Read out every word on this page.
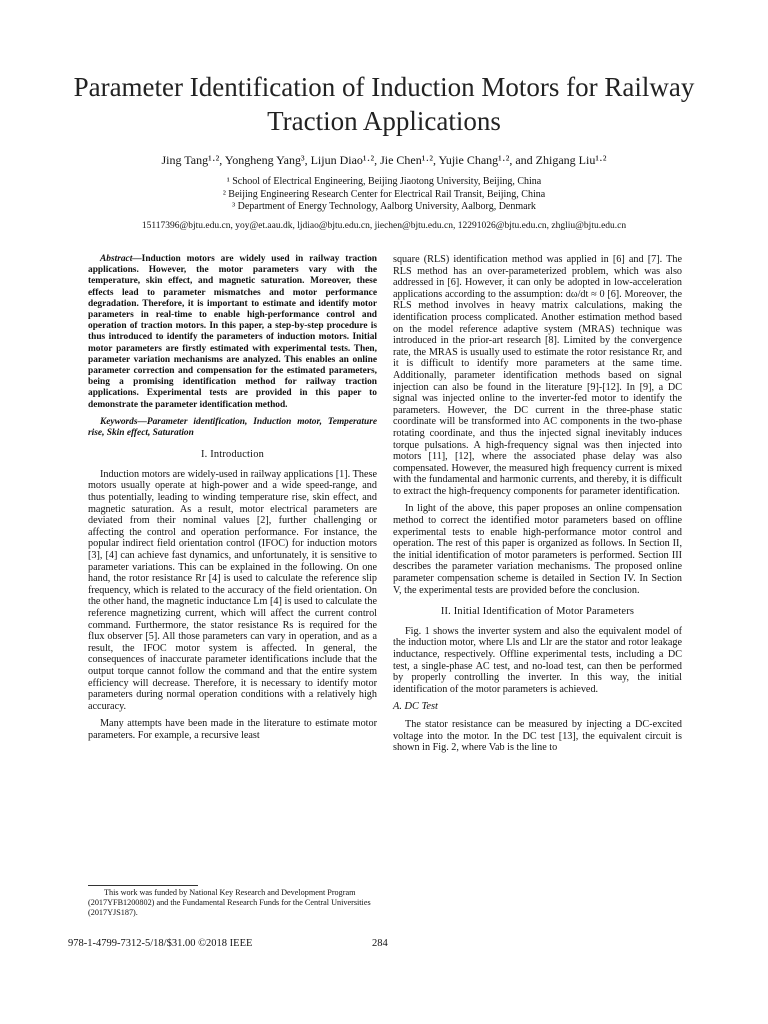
Parameter Identification of Induction Motors for Railway Traction Applications
Jing Tang¹·², Yongheng Yang³, Lijun Diao¹·², Jie Chen¹·², Yujie Chang¹·², and Zhigang Liu¹·²
¹ School of Electrical Engineering, Beijing Jiaotong University, Beijing, China
² Beijing Engineering Research Center for Electrical Rail Transit, Beijing, China
³ Department of Energy Technology, Aalborg University, Aalborg, Denmark
15117396@bjtu.edu.cn, yoy@et.aau.dk, ljdiao@bjtu.edu.cn, jiechen@bjtu.edu.cn, 12291026@bjtu.edu.cn, zhgliu@bjtu.edu.cn

Abstract—Induction motors are widely used in railway traction applications. However, the motor parameters vary with the temperature, skin effect, and magnetic saturation. Moreover, these effects lead to parameter mismatches and motor performance degradation. Therefore, it is important to estimate and identify motor parameters in real-time to enable high-performance control and operation of traction motors. In this paper, a step-by-step procedure is thus introduced to identify the parameters of induction motors. Initial motor parameters are firstly estimated with experimental tests. Then, parameter variation mechanisms are analyzed. This enables an online parameter correction and compensation for the estimated parameters, being a promising identification method for railway traction applications. Experimental tests are provided in this paper to demonstrate the parameter identification method.

Keywords—Parameter identification, Induction motor, Temperature rise, Skin effect, Saturation

I. Introduction

Induction motors are widely-used in railway applications [1]. These motors usually operate at high-power and a wide speed-range, and thus potentially, leading to winding temperature rise, skin effect, and magnetic saturation. As a result, motor electrical parameters are deviated from their nominal values [2], further challenging or affecting the control and operation performance. For instance, the popular indirect field orientation control (IFOC) for induction motors [3], [4] can achieve fast dynamics, and unfortunately, it is sensitive to parameter variations. This can be explained in the following. On one hand, the rotor resistance Rr [4] is used to calculate the reference slip frequency, which is related to the accuracy of the field orientation. On the other hand, the magnetic inductance Lm [4] is used to calculate the reference magnetizing current, which will affect the current control command. Furthermore, the stator resistance Rs is required for the flux observer [5]. All those parameters can vary in operation, and as a result, the IFOC motor system is affected. In general, the consequences of inaccurate parameter identifications include that the output torque cannot follow the command and that the entire system efficiency will decrease. Therefore, it is necessary to identify motor parameters during normal operation conditions with a relatively high accuracy.

Many attempts have been made in the literature to estimate motor parameters. For example, a recursive least

square (RLS) identification method was applied in [6] and [7]. The RLS method has an over-parameterized problem, which was also addressed in [6]. However, it can only be adopted in low-acceleration applications according to the assumption: dω/dt ≈ 0 [6]. Moreover, the RLS method involves in heavy matrix calculations, making the identification process complicated. Another estimation method based on the model reference adaptive system (MRAS) technique was introduced in the prior-art research [8]. Limited by the convergence rate, the MRAS is usually used to estimate the rotor resistance Rr, and it is difficult to identify more parameters at the same time. Additionally, parameter identification methods based on signal injection can also be found in the literature [9]-[12]. In [9], a DC signal was injected online to the inverter-fed motor to identify the parameters. However, the DC current in the three-phase static coordinate will be transformed into AC components in the two-phase rotating coordinate, and thus the injected signal inevitably induces torque pulsations. A high-frequency signal was then injected into motors [11], [12], where the associated phase delay was also compensated. However, the measured high frequency current is mixed with the fundamental and harmonic currents, and thereby, it is difficult to extract the high-frequency components for parameter identification.

In light of the above, this paper proposes an online compensation method to correct the identified motor parameters based on offline experimental tests to enable high-performance motor control and operation. The rest of this paper is organized as follows. In Section II, the initial identification of motor parameters is performed. Section III describes the parameter variation mechanisms. The proposed online parameter compensation scheme is detailed in Section IV. In Section V, the experimental tests are provided before the conclusion.

II. Initial Identification of Motor Parameters

Fig. 1 shows the inverter system and also the equivalent model of the induction motor, where Lls and Llr are the stator and rotor leakage inductance, respectively. Offline experimental tests, including a DC test, a single-phase AC test, and no-load test, can then be performed by properly controlling the inverter. In this way, the initial identification of the motor parameters is achieved.

A. DC Test

The stator resistance can be measured by injecting a DC-excited voltage into the motor. In the DC test [13], the equivalent circuit is shown in Fig. 2, where Vab is the line to

This work was funded by National Key Research and Development Program (2017YFB1200802) and the Fundamental Research Funds for the Central Universities (2017YJS187).
978-1-4799-7312-5/18/$31.00 ©2018 IEEE	284
